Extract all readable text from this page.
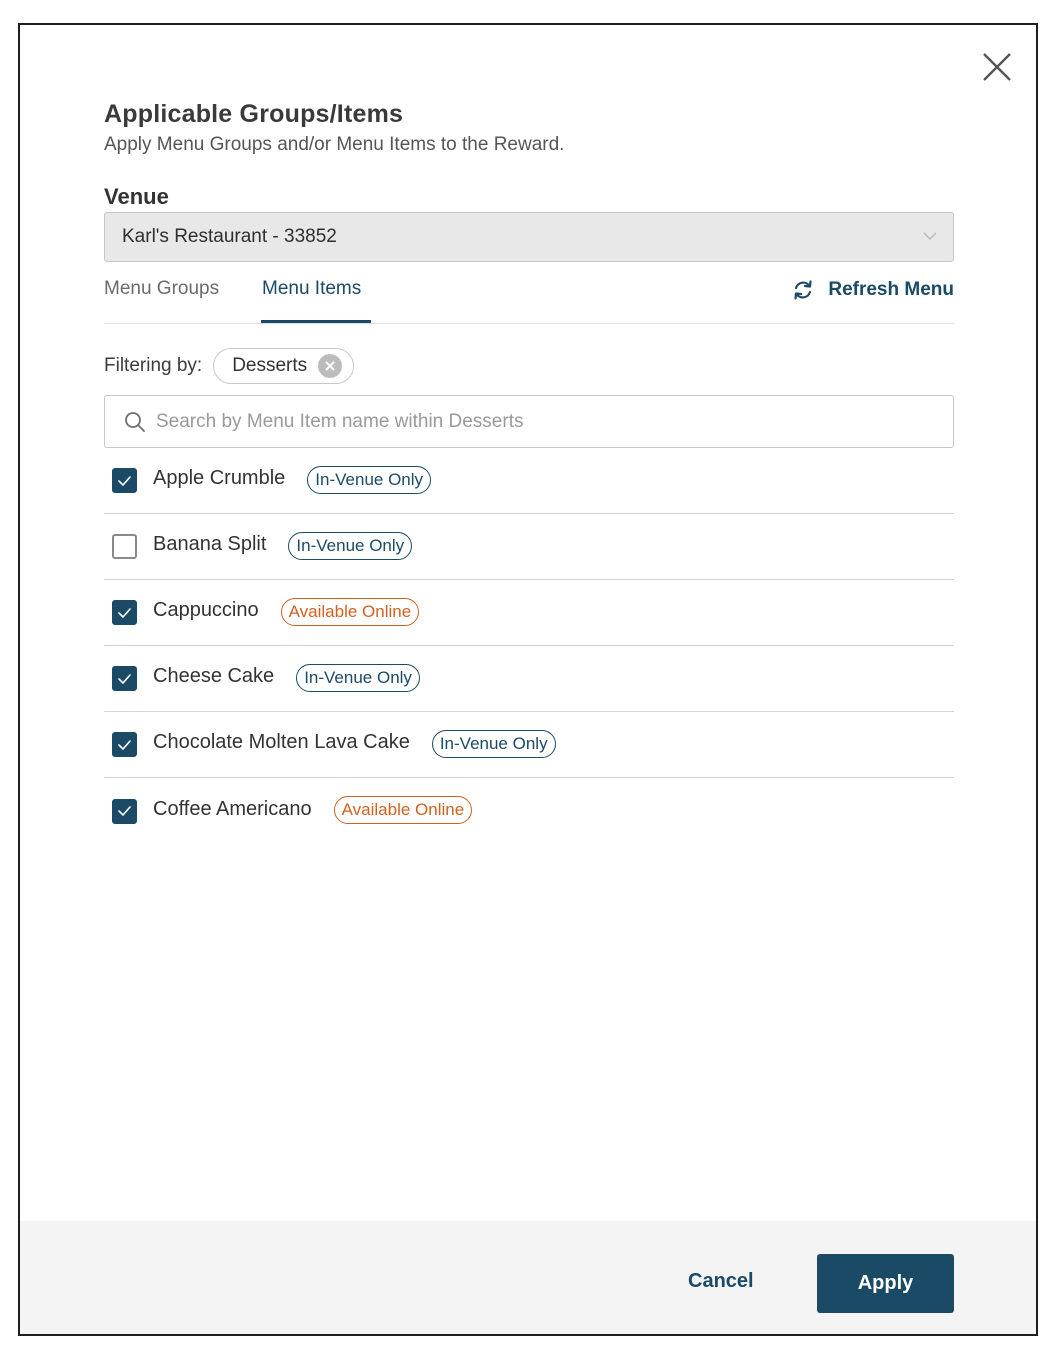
Applicable Groups/Items
Apply Menu Groups and/or Menu Items to the Reward.
Venue
Karl's Restaurant - 33852
Menu Groups Menu Items	Refresh Menu
Filtering by: Desserts
Search by Menu Item name within Desserts
Apple Crumble	In-Venue Only
Banana Split	In-Venue Only
Cappuccino	Available Online
Cheese Cake	In-Venue Only
Chocolate Molten Lava Cake	In-Venue Only
Coffee Americano	Available Online
Cancel	Apply
